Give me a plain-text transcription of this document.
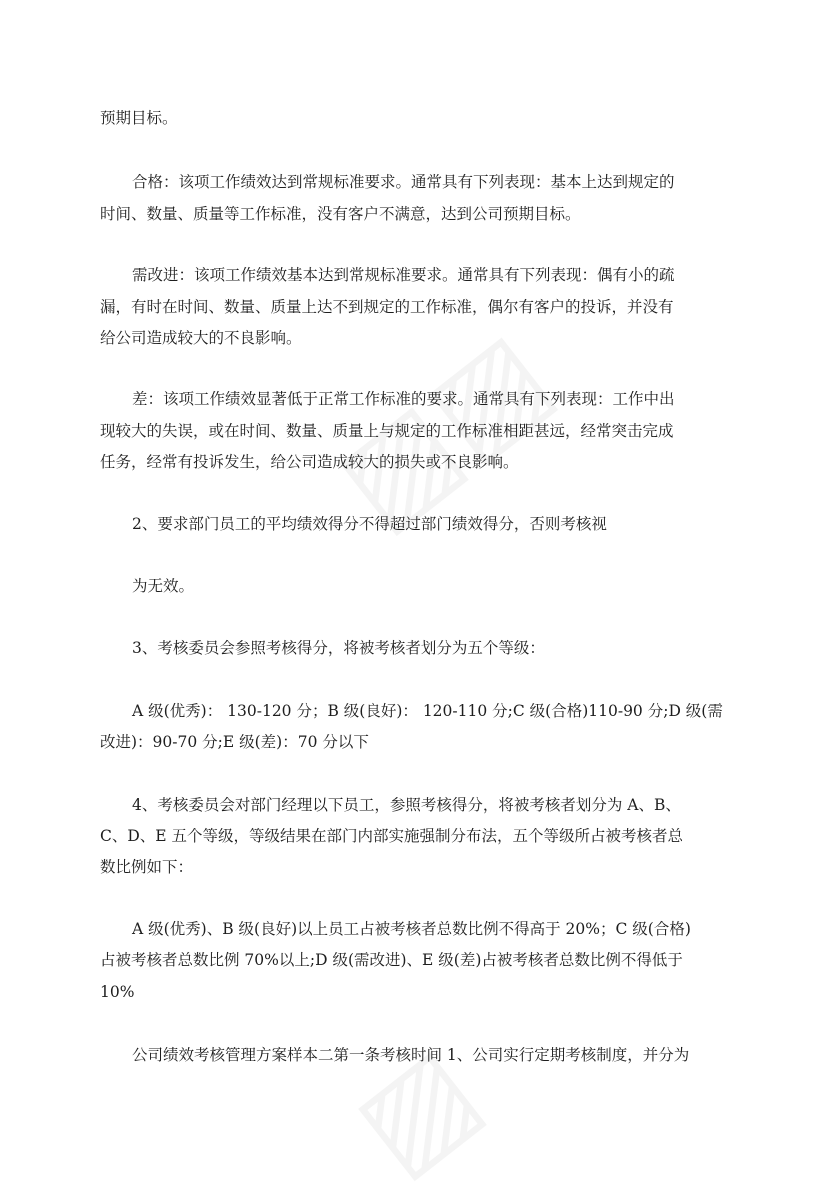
预期目标。
合格：该项工作绩效达到常规标准要求。通常具有下列表现：基本上达到规定的
时间、数量、质量等工作标准，没有客户不满意，达到公司预期目标。
需改进：该项工作绩效基本达到常规标准要求。通常具有下列表现：偶有小的疏
漏，有时在时间、数量、质量上达不到规定的工作标准，偶尔有客户的投诉，并没有
给公司造成较大的不良影响。
差：该项工作绩效显著低于正常工作标准的要求。通常具有下列表现：工作中出
现较大的失误，或在时间、数量、质量上与规定的工作标准相距甚远，经常突击完成
任务，经常有投诉发生，给公司造成较大的损失或不良影响。
2、要求部门员工的平均绩效得分不得超过部门绩效得分，否则考核视
为无效。
3、考核委员会参照考核得分，将被考核者划分为五个等级：
A 级(优秀)： 130-120 分；B 级(良好)： 120-110 分;C 级(合格)110-90 分;D 级(需
改进)：90-70 分;E 级(差)：70 分以下
4、考核委员会对部门经理以下员工，参照考核得分，将被考核者划分为 A、B、
C、D、E 五个等级，等级结果在部门内部实施强制分布法，五个等级所占被考核者总
数比例如下：
A 级(优秀)、B 级(良好)以上员工占被考核者总数比例不得高于 20%；C 级(合格)
占被考核者总数比例 70%以上;D 级(需改进)、E 级(差)占被考核者总数比例不得低于
10%
公司绩效考核管理方案样本二第一条考核时间 1、公司实行定期考核制度，并分为
